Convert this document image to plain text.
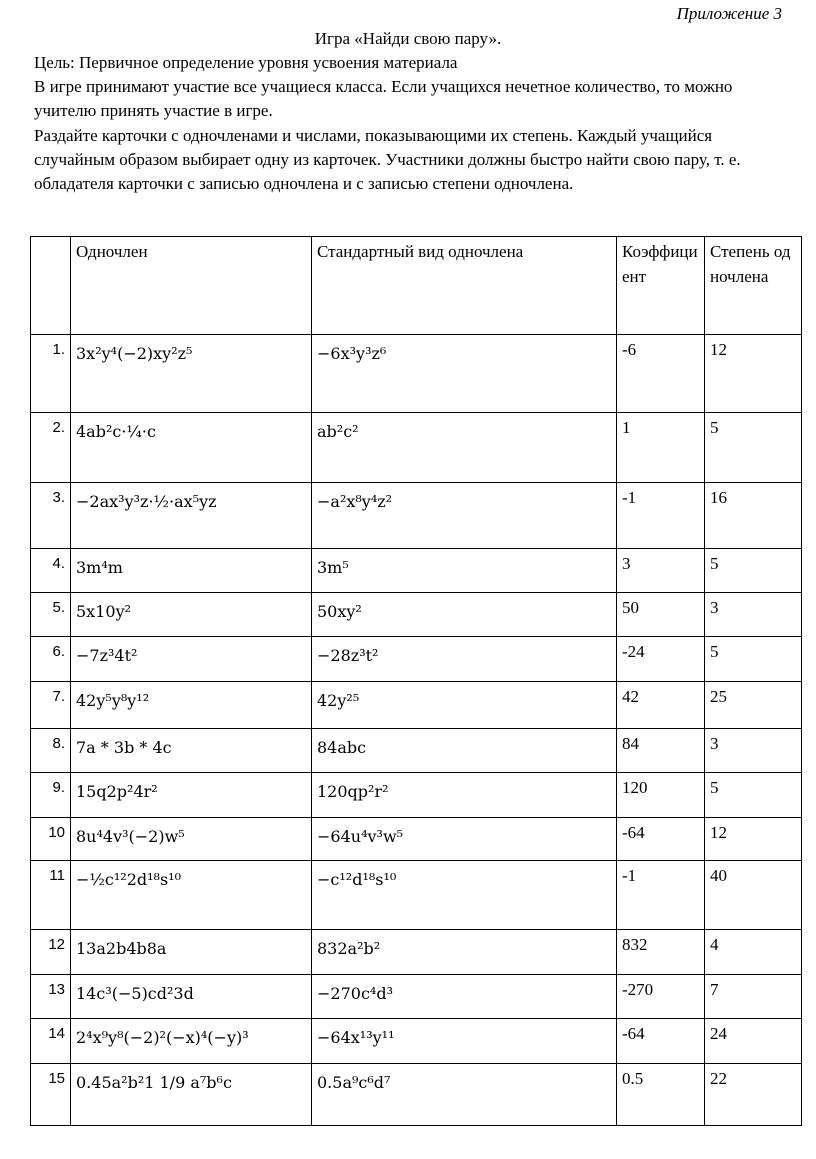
Приложение 3
Игра «Найди свою пару».

Цель: Первичное определение уровня усвоения материала

В игре принимают участие все учащиеся класса. Если учащихся нечетное количество, то можно учителю принять участие в игре.

Раздайте карточки с одночленами и числами, показывающими их степень. Каждый учащийся случайным образом выбирает одну из карточек. Участники должны быстро найти свою пару, т. е. обладателя карточки с записью одночлена и с записью степени одночлена.

	Одночлен	Стандартный вид одночлена	Коэффициент	Степень одночлена
1.	3x²y⁴(−2)xy²z⁵	−6x³y³z⁶	-6	12
2.	4ab²c·¼·c	ab²c²	1	5
3.	−2ax³y³z·½·ax⁵yz	−a²x⁸y⁴z²	-1	16
4.	3m⁴m	3m⁵	3	5
5.	5x10y²	50xy²	50	3
6.	−7z³4t²	−28z³t²	-24	5
7.	42y⁵y⁸y¹²	42y²⁵	42	25
8.	7a * 3b * 4c	84abc	84	3
9.	15q2p²4r²	120qp²r²	120	5
10	8u⁴4v³(−2)w⁵	−64u⁴v³w⁵	-64	12
11	−½c¹²2d¹⁸s¹⁰	−c¹²d¹⁸s¹⁰	-1	40
12	13a2b4b8a	832a²b²	832	4
13	14c³(−5)cd²3d	−270c⁴d³	-270	7
14	2⁴x⁹y⁸(−2)²(−x)⁴(−y)³	−64x¹³y¹¹	-64	24
15	0.45a²b²1 1/9 a⁷b⁶c	0.5a⁹c⁶d⁷	0.5	22
